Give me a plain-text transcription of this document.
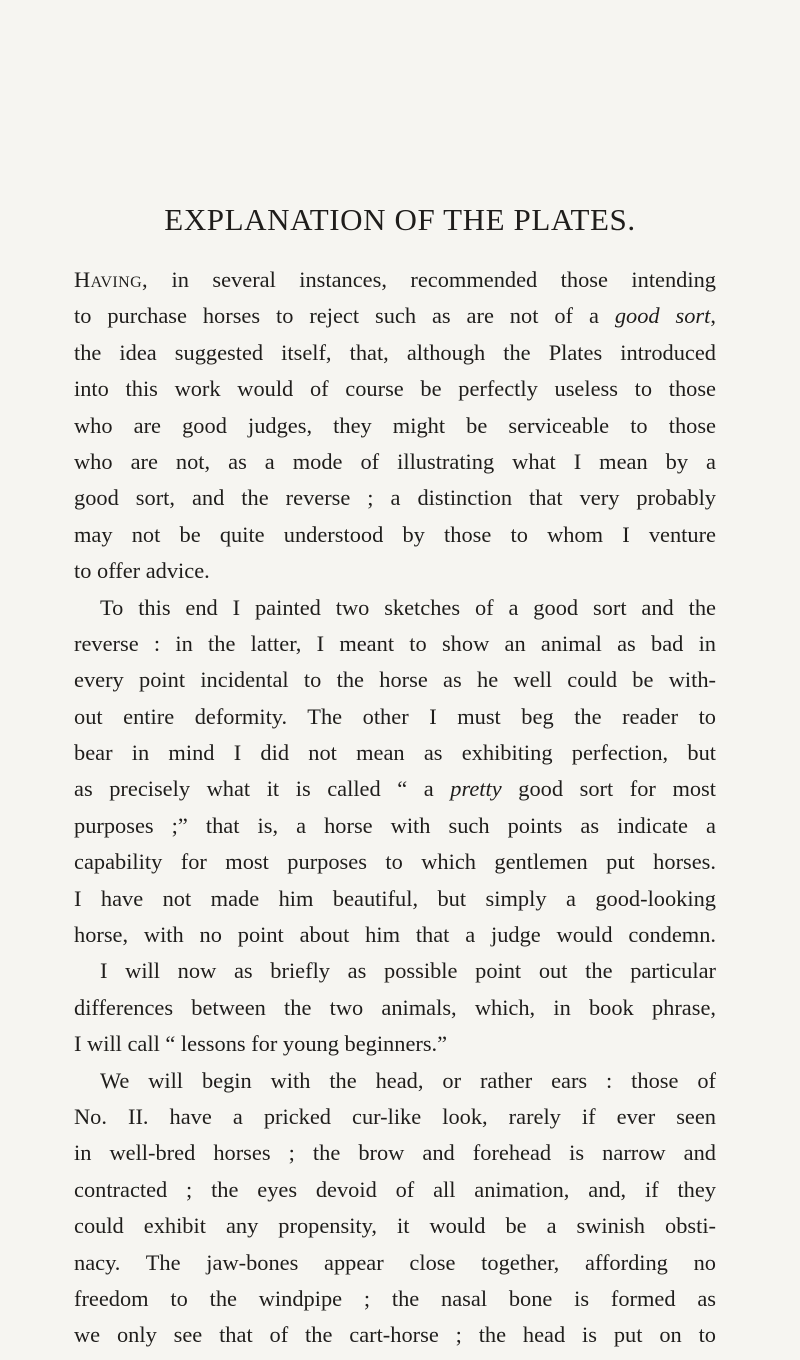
EXPLANATION OF THE PLATES.
Having, in several instances, recommended those intending
to purchase horses to reject such as are not of a good sort,
the idea suggested itself, that, although the Plates introduced
into this work would of course be perfectly useless to those
who are good judges, they might be serviceable to those
who are not, as a mode of illustrating what I mean by a
good sort, and the reverse ; a distinction that very probably
may not be quite understood by those to whom I venture
to offer advice.
To this end I painted two sketches of a good sort and the
reverse : in the latter, I meant to show an animal as bad in
every point incidental to the horse as he well could be with-
out entire deformity. The other I must beg the reader to
bear in mind I did not mean as exhibiting perfection, but
as precisely what it is called “ a pretty good sort for most
purposes ;” that is, a horse with such points as indicate a
capability for most purposes to which gentlemen put horses.
I have not made him beautiful, but simply a good-looking
horse, with no point about him that a judge would condemn.
I will now as briefly as possible point out the particular
differences between the two animals, which, in book phrase,
I will call “ lessons for young beginners.”
We will begin with the head, or rather ears : those of
No. II. have a pricked cur-like look, rarely if ever seen
in well-bred horses ; the brow and forehead is narrow and
contracted ; the eyes devoid of all animation, and, if they
could exhibit any propensity, it would be a swinish obsti-
nacy. The jaw-bones appear close together, affording no
freedom to the windpipe ; the nasal bone is formed as
we only see that of the cart-horse ; the head is put on to
